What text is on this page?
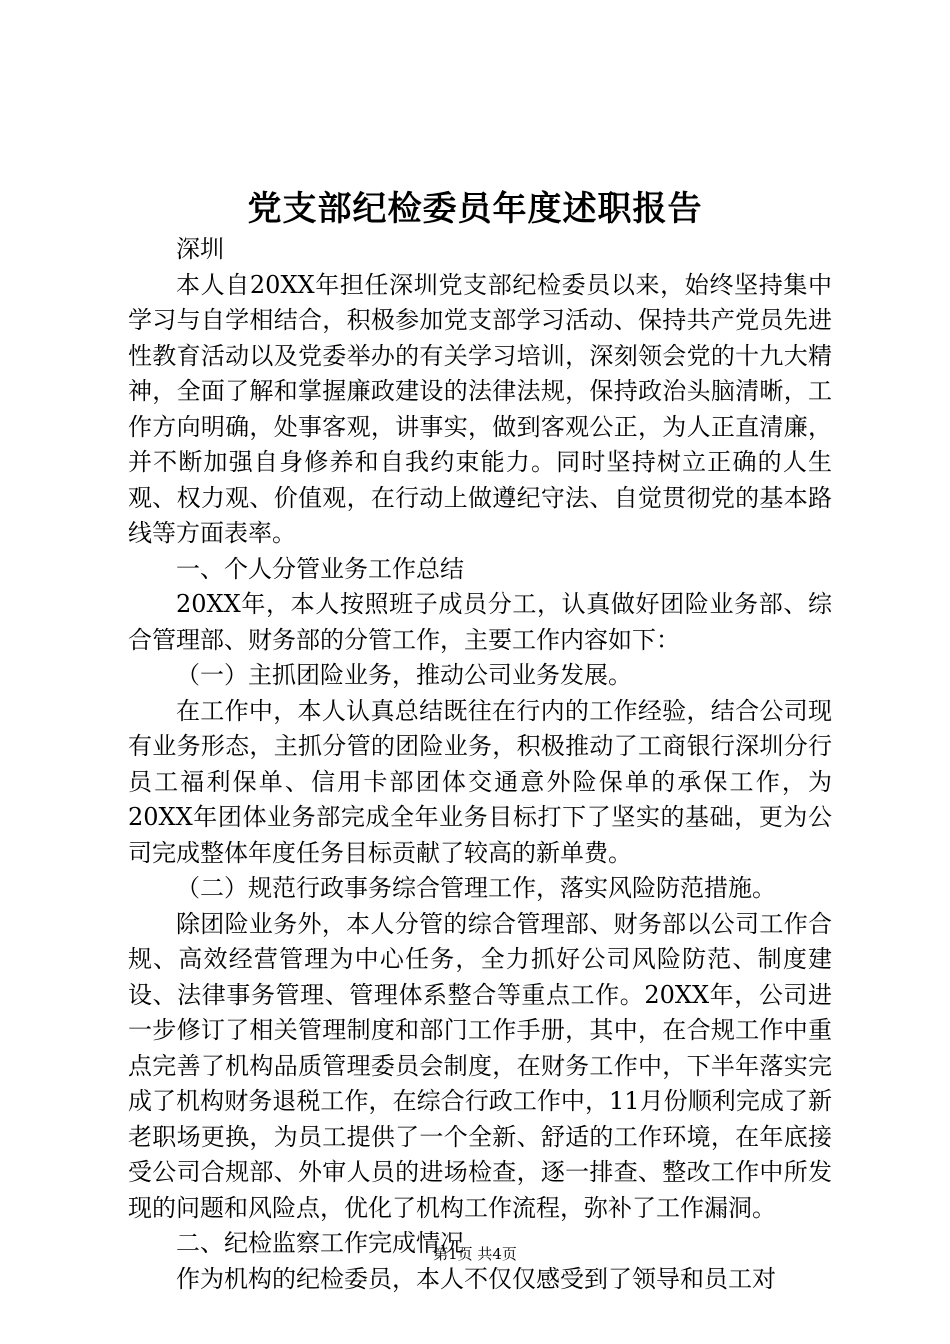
党支部纪检委员年度述职报告

深圳

本人自20XX年担任深圳党支部纪检委员以来，始终坚持集中学习与自学相结合，积极参加党支部学习活动、保持共产党员先进性教育活动以及党委举办的有关学习培训，深刻领会党的十九大精神，全面了解和掌握廉政建设的法律法规，保持政治头脑清晰，工作方向明确，处事客观，讲事实，做到客观公正，为人正直清廉，并不断加强自身修养和自我约束能力。同时坚持树立正确的人生观、权力观、价值观，在行动上做遵纪守法、自觉贯彻党的基本路线等方面表率。

一、个人分管业务工作总结

20XX年，本人按照班子成员分工，认真做好团险业务部、综合管理部、财务部的分管工作，主要工作内容如下：

（一）主抓团险业务，推动公司业务发展。

在工作中，本人认真总结既往在行内的工作经验，结合公司现有业务形态，主抓分管的团险业务，积极推动了工商银行深圳分行员工福利保单、信用卡部团体交通意外险保单的承保工作，为20XX年团体业务部完成全年业务目标打下了坚实的基础，更为公司完成整体年度任务目标贡献了较高的新单费。

（二）规范行政事务综合管理工作，落实风险防范措施。

除团险业务外，本人分管的综合管理部、财务部以公司工作合规、高效经营管理为中心任务，全力抓好公司风险防范、制度建设、法律事务管理、管理体系整合等重点工作。20XX年，公司进一步修订了相关管理制度和部门工作手册，其中，在合规工作中重点完善了机构品质管理委员会制度，在财务工作中，下半年落实完成了机构财务退税工作，在综合行政工作中，11月份顺利完成了新老职场更换，为员工提供了一个全新、舒适的工作环境，在年底接受公司合规部、外审人员的进场检查，逐一排查、整改工作中所发现的问题和风险点，优化了机构工作流程，弥补了工作漏洞。

二、纪检监察工作完成情况

作为机构的纪检委员，本人不仅仅感受到了领导和员工对

第1页 共4页
